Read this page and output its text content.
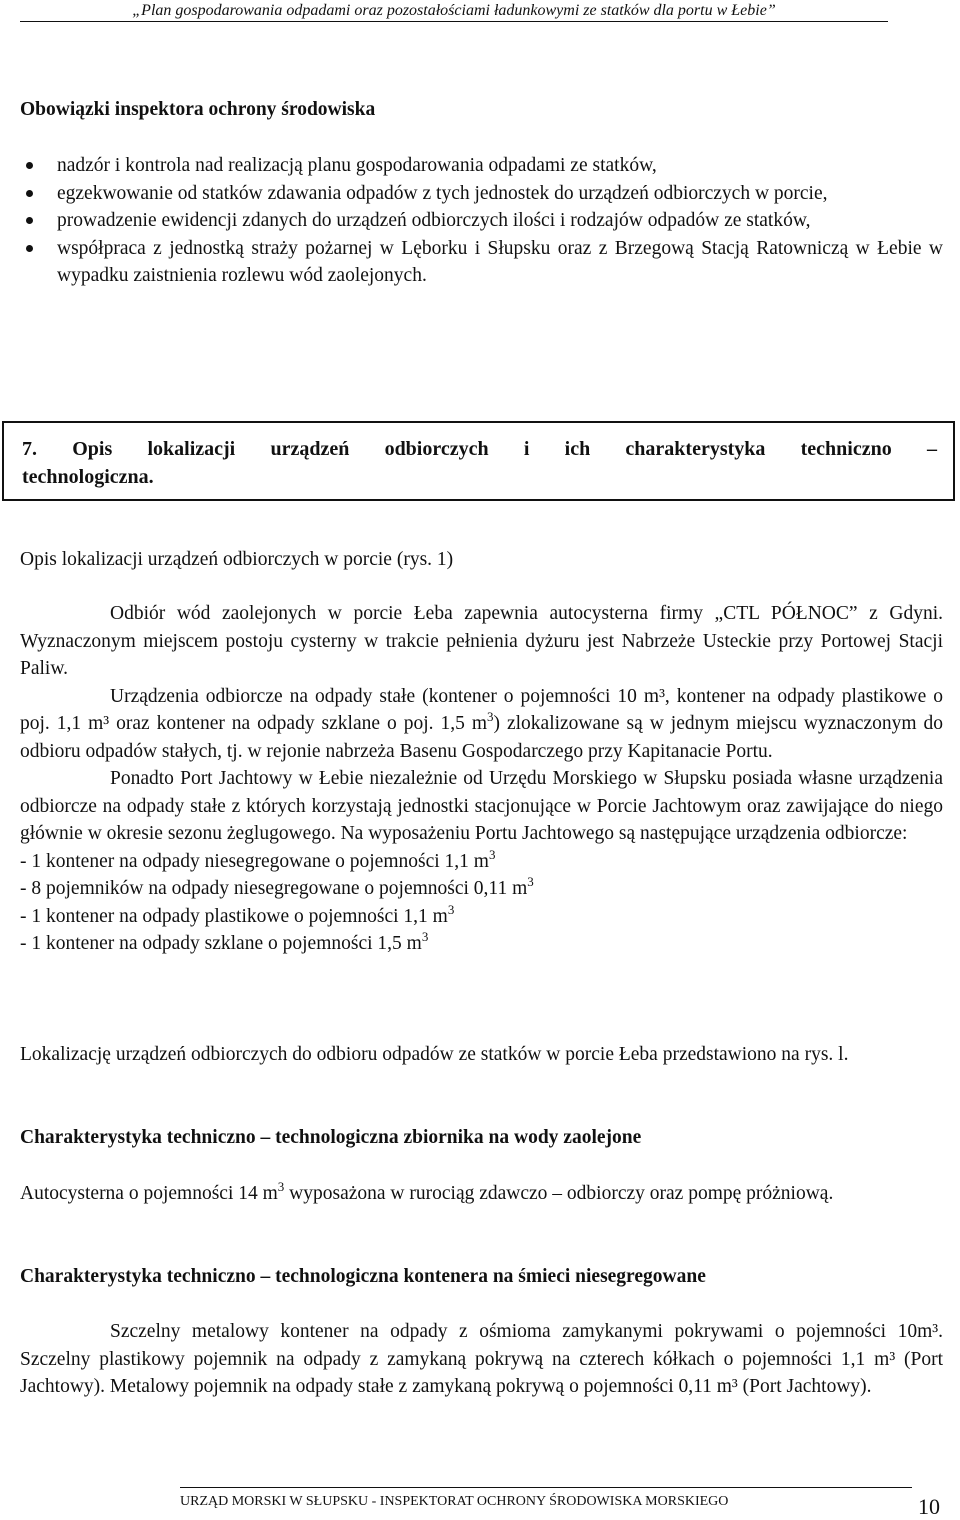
„Plan gospodarowania odpadami oraz pozostałościami ładunkowymi ze statków dla portu w Łebie”
Obowiązki inspektora ochrony środowiska
nadzór i kontrola nad realizacją planu gospodarowania odpadami ze statków,
egzekwowanie od statków zdawania odpadów z tych jednostek do urządzeń odbiorczych w porcie,
prowadzenie ewidencji zdanych do urządzeń odbiorczych ilości i rodzajów odpadów ze statków,
współpraca z jednostką straży pożarnej w Lęborku i Słupsku oraz z Brzegową Stacją Ratowniczą w Łebie w wypadku zaistnienia rozlewu wód zaolejonych.
7. Opis lokalizacji urządzeń odbiorczych i ich charakterystyka techniczno –
technologiczna.
Opis lokalizacji urządzeń odbiorczych w porcie (rys. 1)

Odbiór wód zaolejonych w porcie Łeba zapewnia autocysterna firmy „CTL PÓŁNOC” z Gdyni. Wyznaczonym miejscem postoju cysterny w trakcie pełnienia dyżuru jest Nabrzeże Usteckie przy Portowej Stacji Paliw.

Urządzenia odbiorcze na odpady stałe (kontener o pojemności 10 m³, kontener na odpady plastikowe o poj. 1,1 m³ oraz kontener na odpady szklane o poj. 1,5 $m^3$) zlokalizowane są w jednym miejscu wyznaczonym do odbioru odpadów stałych, tj. w rejonie nabrzeża Basenu Gospodarczego przy Kapitanacie Portu.

Ponadto Port Jachtowy w Łebie niezależnie od Urzędu Morskiego w Słupsku posiada własne urządzenia odbiorcze na odpady stałe z których korzystają jednostki stacjonujące w Porcie Jachtowym oraz zawijające do niego głównie w okresie sezonu żeglugowego. Na wyposażeniu Portu Jachtowego są następujące urządzenia odbiorcze:

- 1 kontener na odpady niesegregowane o pojemności 1,1 $m^3$

- 8 pojemników na odpady niesegregowane o pojemności 0,11 $m^3$

- 1 kontener na odpady plastikowe o pojemności 1,1 $m^3$

- 1 kontener na odpady szklane o pojemności 1,5 $m^3$

Lokalizację urządzeń odbiorczych do odbioru odpadów ze statków w porcie Łeba przedstawiono na rys. l.
Charakterystyka techniczno – technologiczna zbiornika na wody zaolejone
Autocysterna o pojemności 14 $m^3$ wyposażona w rurociąg zdawczo – odbiorczy oraz pompę próżniową.
Charakterystyka techniczno – technologiczna kontenera na śmieci niesegregowane
Szczelny metalowy kontener na odpady z ośmioma zamykanymi pokrywami o pojemności 10m³. Szczelny plastikowy pojemnik na odpady z zamykaną pokrywą na czterech kółkach o pojemności 1,1 m³ (Port Jachtowy). Metalowy pojemnik na odpady stałe z zamykaną pokrywą o pojemności 0,11 m³ (Port Jachtowy).
URZĄD MORSKI W SŁUPSKU - INSPEKTORAT OCHRONY ŚRODOWISKA MORSKIEGO	10
